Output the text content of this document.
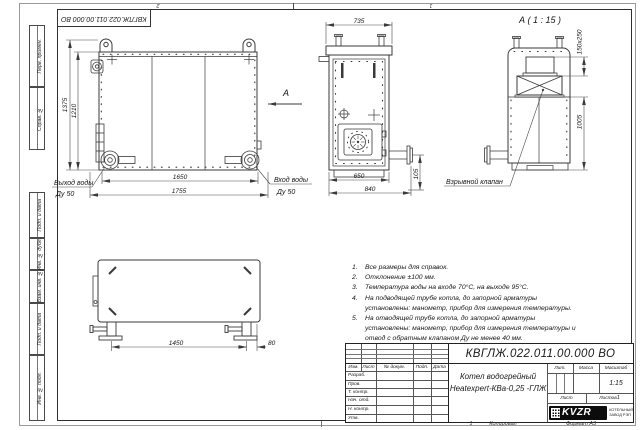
2	1
КВГЛЖ.022.011.00.000 ВО
Перв. примен.
Справ. №
Подп. и дата
Инв. № дубл.
Взам. инв. №
Подп. и дата
Инв. № подл.
1650
1755
1375 1210
Выход воды
Ду 50
Вход воды
Ду 50
А
735
650
840
105
Взрывной клапан
А ( 1 : 15 )
150x250
1005
1450	80
1.	Все размеры для справок.
2.	Отклонение ±100 мм.
3.	Температура воды на входе 70°С, на выходе 95°С.
4.	На подводящей трубе котла, до запорной арматуры установлены: манометр, прибор для измерения температуры.
5.	На отводящей трубе котла, до запорной арматуры установлены: манометр, прибор для измерения температуры и отвод с обратным клапаном Ду не менее 40 мм.
Изм. Лист	№ докум.	Подп. Дата
Разраб.
Пров.
Т. контр.
Нач. отд.
Н. контр.
Утв.
КВГЛЖ.022.011.00.000 ВО
Котел водогрейный
Heatexpert-КВа-0,25 -ГЛЖ
Лит.	Масса	Масштаб
1:15
Лист	Листов 1
KVZR	КОТЕЛЬНЫЙ
ЗАВОД РЭП
1	Копировал	Формат А3
